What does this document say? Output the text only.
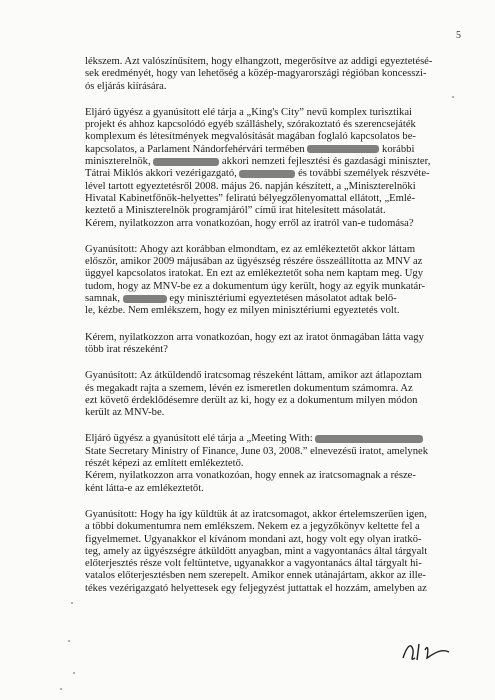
5
lékszem. Azt valószínűsítem, hogy elhangzott, megerősítve az addigi egyeztetésé-
sek eredményét, hogy van lehetőség a közép-magyarországi régióban koncesszi-
ós eljárás kiírására.
Eljáró ügyész a gyanúsított elé tárja a „King's City” nevű komplex turisztikai
projekt és ahhoz kapcsolódó egyéb szálláshely, szórakoztató és szerencsejáték
komplexum és létesítmények megvalósítását magában foglaló kapcsolatos be-
kapcsolatos, a Parlament Nándorfehérvári termében	korábbi
miniszterelnök,	akkori nemzeti fejlesztési és gazdasági miniszter,
Tátrai Miklós akkori vezérigazgató,	és további személyek részvéte-
lével tartott egyeztetésről 2008. május 26. napján készített, a „Miniszterelnöki
Hivatal Kabinetfőnök-helyettes” feliratú bélyegzőlenyomattal ellátott, „Emlé-
keztető a Miniszterelnök programjáról” című irat hitelesített másolatát.
Kérem, nyilatkozzon arra vonatkozóan, hogy erről az iratról van-e tudomása?
Gyanúsított: Ahogy azt korábban elmondtam, ez az emlékeztetőt akkor láttam
először, amikor 2009 májusában az ügyészség részére összeállította az MNV az
üggyel kapcsolatos iratokat. Én ezt az emlékeztetőt soha nem kaptam meg. Úgy
tudom, hogy az MNV-be ez a dokumentum úgy került, hogy az egyik munkatár-
samnak,	egy minisztériumi egyeztetésen másolatot adtak belő-
le, kézbe. Nem emlékszem, hogy ez milyen minisztériumi egyeztetés volt.
Kérem, nyilatkozzon arra vonatkozóan, hogy ezt az iratot önmagában látta vagy
több irat részeként?
Gyanúsított: Az átküldendő iratcsomag részeként láttam, amikor azt átlapoztam
és megakadt rajta a szemem, lévén ez ismeretlen dokumentum számomra. Az
ezt követő érdeklődésemre derült az ki, hogy ez a dokumentum milyen módon
került az MNV-be.
Eljáró ügyész a gyanúsított elé tárja a „Meeting With:
State Secretary Ministry of Finance, June 03, 2008.” elnevezésű iratot, amelynek
részét képezi az említett emlékeztető.
Kérem, nyilatkozzon arra vonatkozóan, hogy ennek az iratcsomagnak a része-
ként látta-e az emlékeztetőt.
Gyanúsított: Hogy ha így küldtük át az iratcsomagot, akkor értelemszerűen igen,
a többi dokumentumra nem emlékszem. Nekem ez a jegyzőkönyv keltette fel a
figyelmemet. Ugyanakkor el kívánom mondani azt, hogy volt egy olyan iratkö-
teg, amely az ügyészségre átküldött anyagban, mint a vagyontanács által tárgyalt
előterjesztés része volt feltüntetve, ugyanakkor a vagyontanács által tárgyalt hi-
vatalos előterjesztésben nem szerepelt. Amikor ennek utánajártam, akkor az ille-
tékes vezérigazgató helyettesek egy feljegyzést juttattak el hozzám, amelyben az
